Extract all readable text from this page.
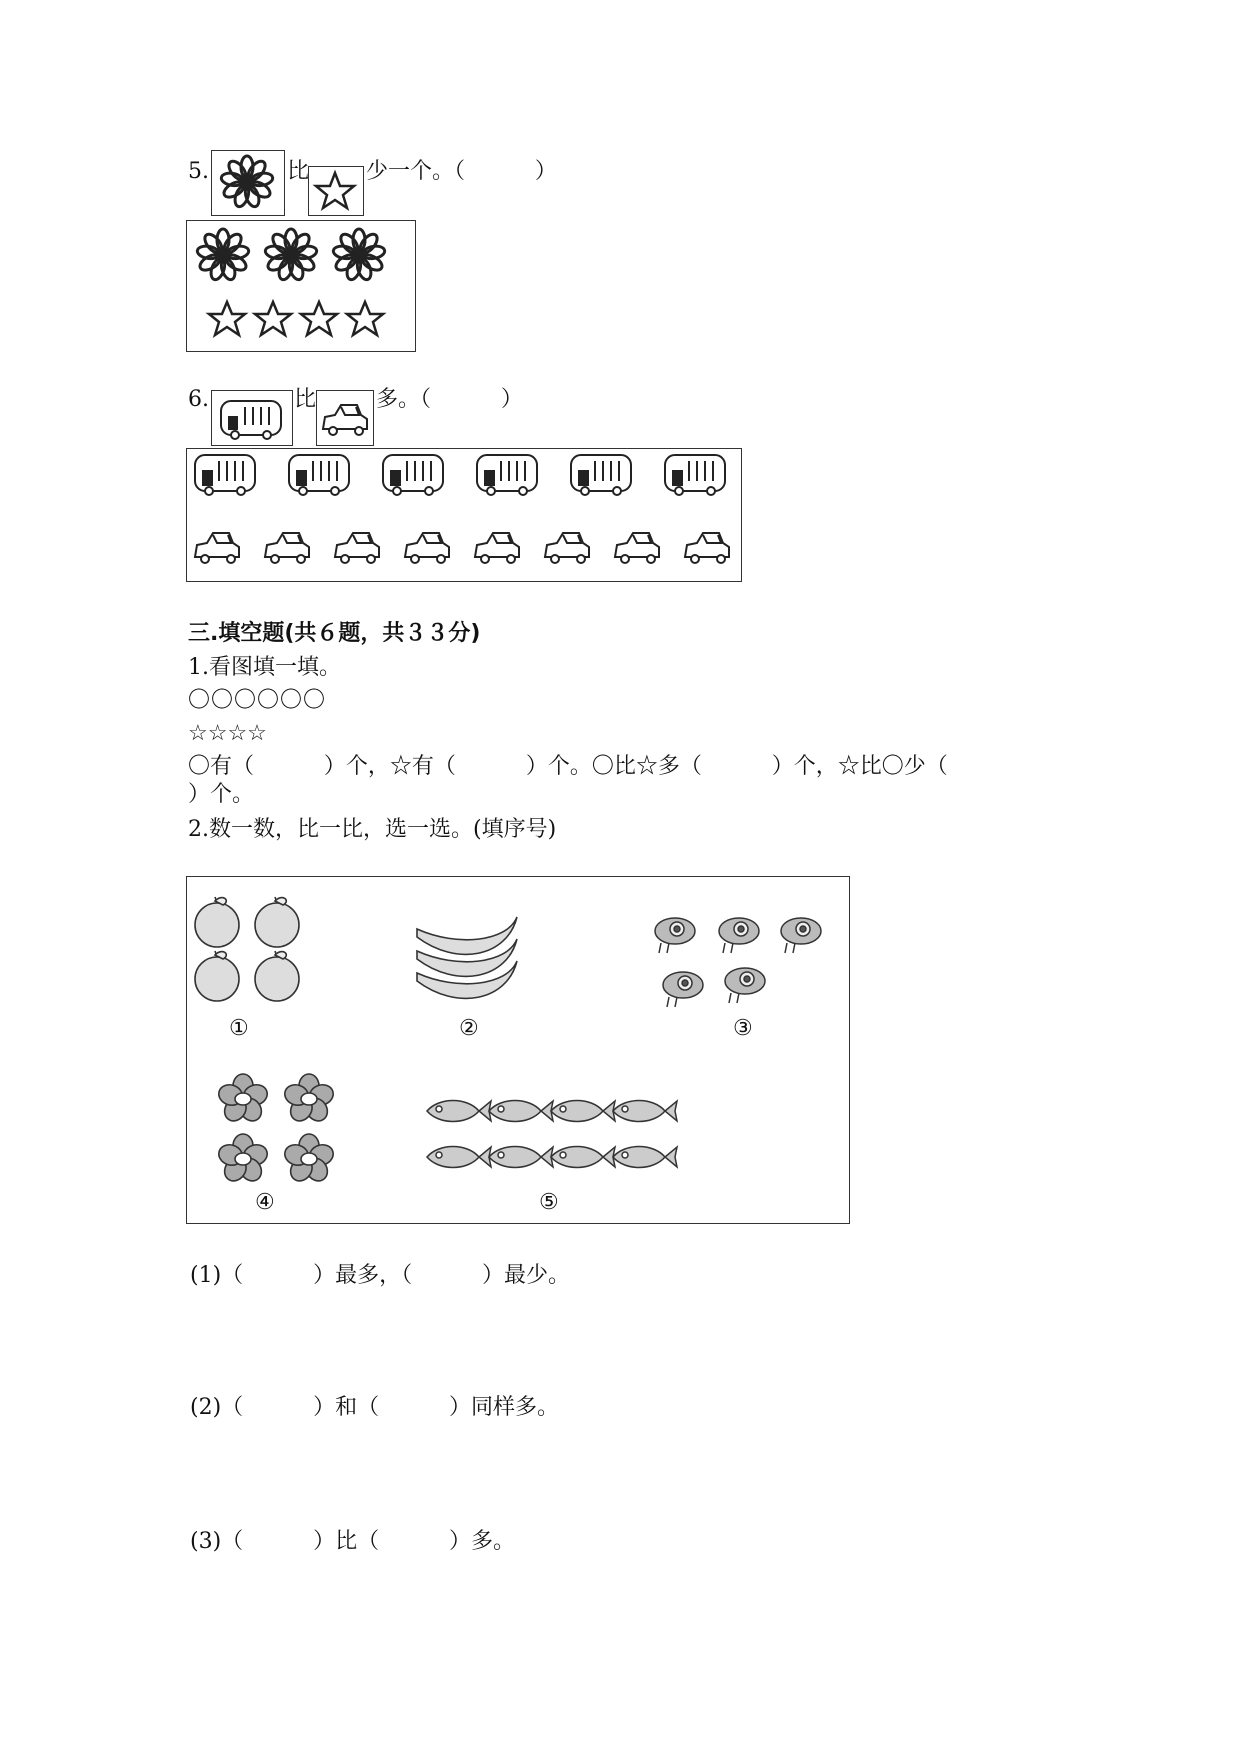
5.	比	少一个。（          ）
6.	比	多。（          ）
三.填空题(共６题，共３３分)
1.看图填一填。
〇〇〇〇〇〇
☆☆☆☆
〇有（          ）个，☆有（          ）个。〇比☆多（          ）个，☆比〇少（
）个。
2.数一数，比一比，选一选。(填序号)
①	②	③
④	⑤
(1)（          ）最多，（          ）最少。
(2)（          ）和（          ）同样多。
(3)（          ）比（          ）多。
